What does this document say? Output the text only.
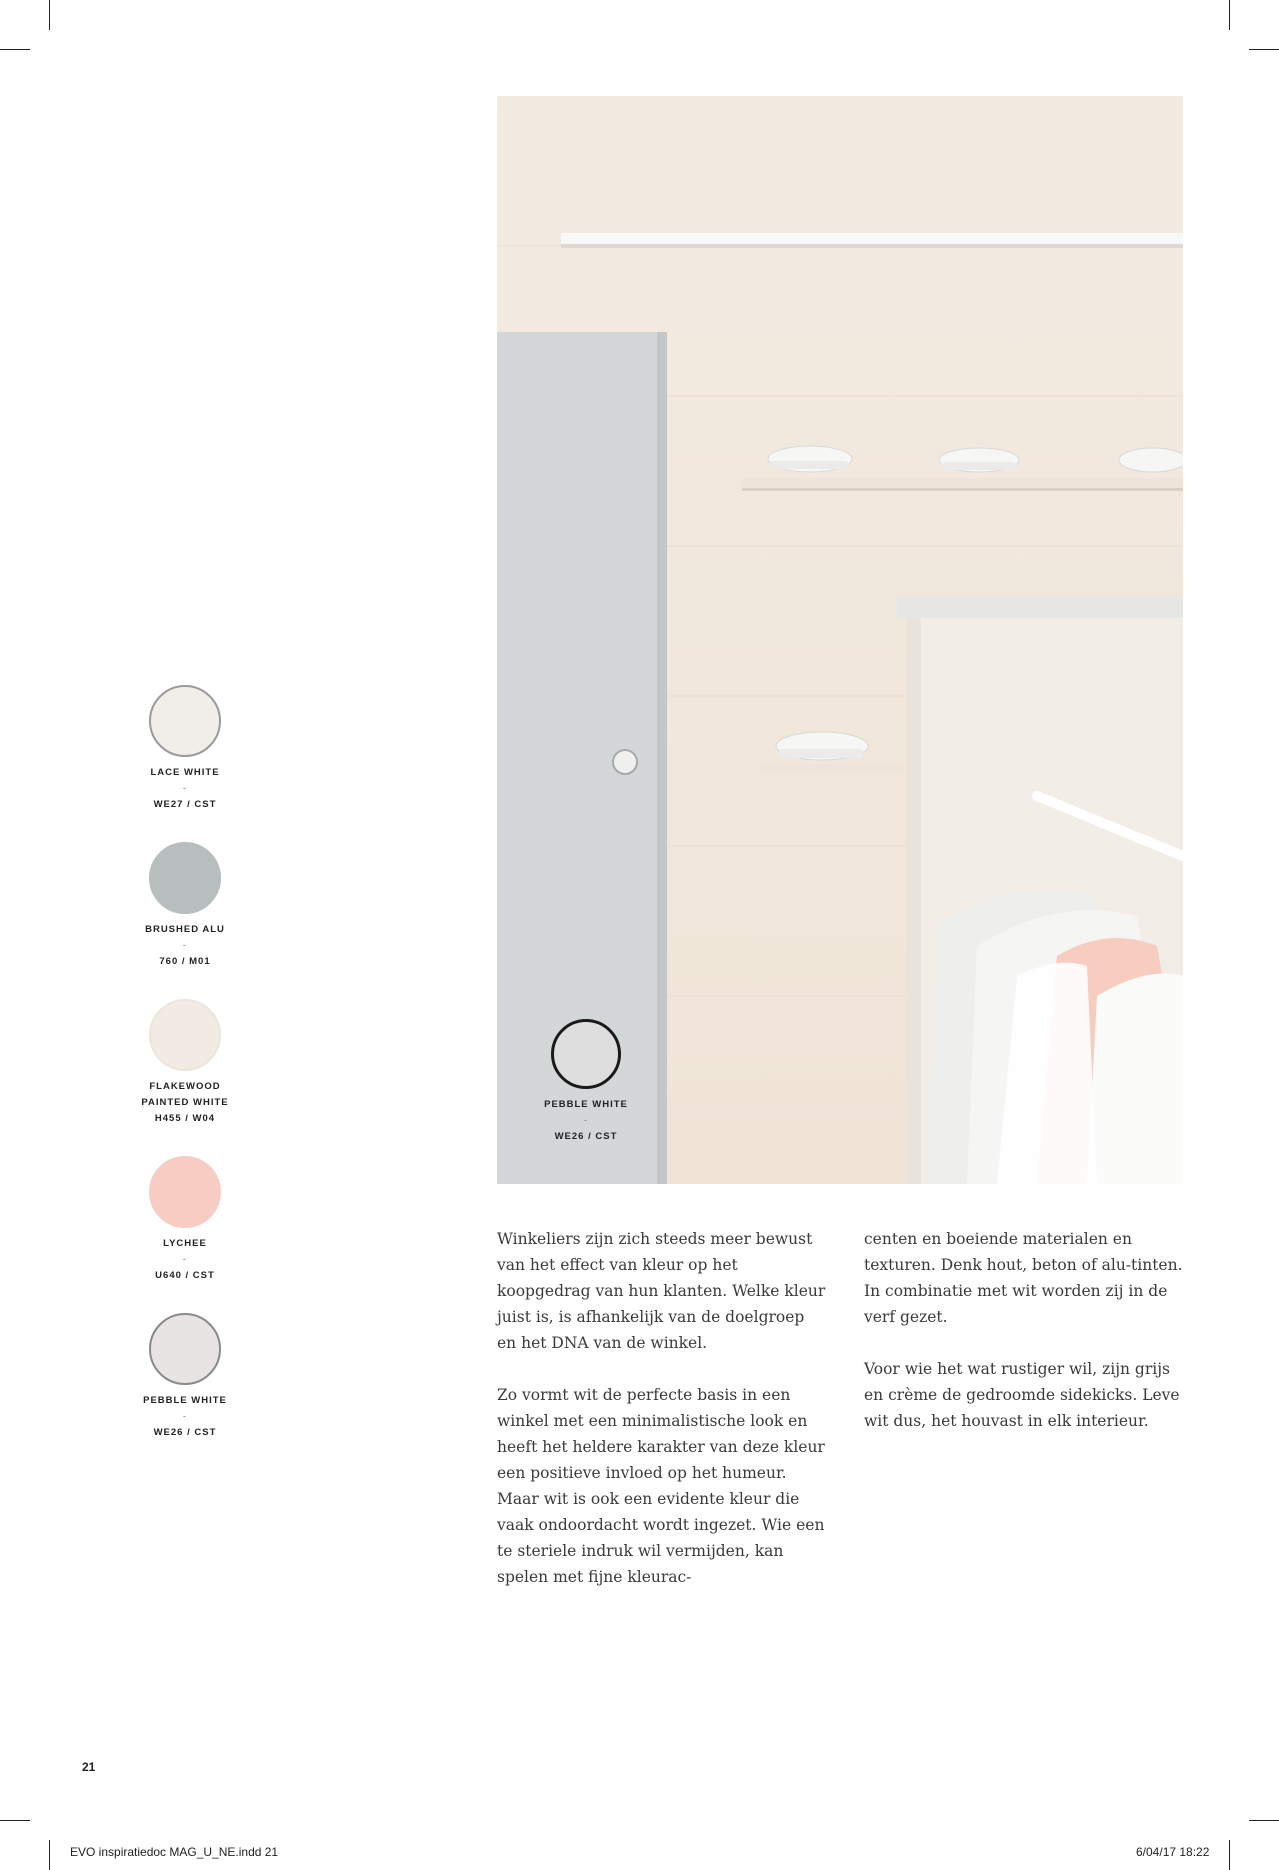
LACE WHITE
-
WE27 / CST
BRUSHED ALU
-
760 / M01
FLAKEWOOD PAINTED WHITE
H455 / W04
LYCHEE
-
U640 / CST
PEBBLE WHITE
-
WE26 / CST
PEBBLE WHITE
-
WE26 / CST

Winkeliers zijn zich steeds meer bewust van het effect van kleur op het koopgedrag van hun klanten. Welke kleur juist is, is afhankelijk van de doelgroep en het DNA van de winkel.

Zo vormt wit de perfecte basis in een winkel met een minimalistische look en heeft het heldere karakter van deze kleur een positieve invloed op het humeur. Maar wit is ook een evidente kleur die vaak ondoordacht wordt ingezet. Wie een te steriele indruk wil vermijden, kan spelen met fijne kleurac-

centen en boeiende materialen en texturen. Denk hout, beton of alu-tinten. In combinatie met wit worden zij in de verf gezet.

Voor wie het wat rustiger wil, zijn grijs en crème de gedroomde sidekicks. Leve wit dus, het houvast in elk interieur.

21
EVO inspiratiedoc MAG_U_NE.indd 21	6/04/17 18:22
